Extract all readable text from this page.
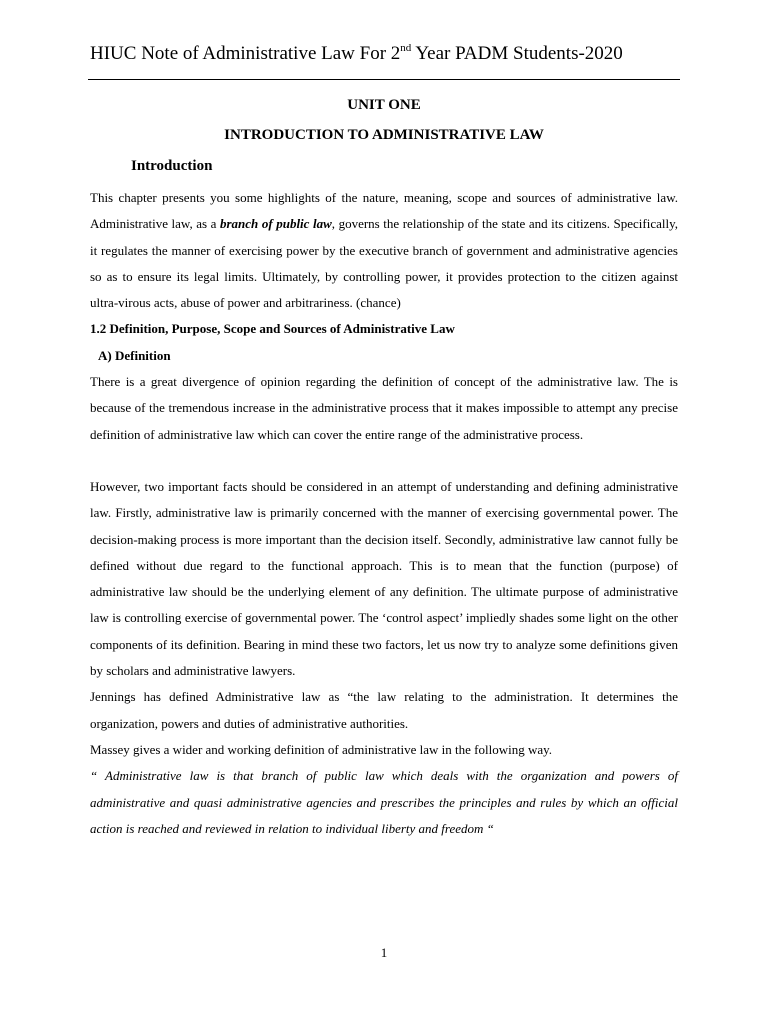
HIUC Note of Administrative Law For 2nd Year PADM Students-2020
UNIT ONE
INTRODUCTION TO ADMINISTRATIVE LAW
Introduction

This chapter presents you some highlights of the nature, meaning, scope and sources of administrative law. Administrative law, as a branch of public law, governs the relationship of the state and its citizens. Specifically, it regulates the manner of exercising power by the executive branch of government and administrative agencies so as to ensure its legal limits. Ultimately, by controlling power, it provides protection to the citizen against ultra-virous acts, abuse of power and arbitrariness. (chance)

1.2 Definition, Purpose, Scope and Sources of Administrative Law

A) Definition

There is a great divergence of opinion regarding the definition of concept of the administrative law. The is because of the tremendous increase in the administrative process that it makes impossible to attempt any precise definition of administrative law which can cover the entire range of the administrative process.

However, two important facts should be considered in an attempt of understanding and defining administrative law. Firstly, administrative law is primarily concerned with the manner of exercising governmental power. The decision-making process is more important than the decision itself. Secondly, administrative law cannot fully be defined without due regard to the functional approach. This is to mean that the function (purpose) of administrative law should be the underlying element of any definition. The ultimate purpose of administrative law is controlling exercise of governmental power. The ‘control aspect’ impliedly shades some light on the other components of its definition. Bearing in mind these two factors, let us now try to analyze some definitions given by scholars and administrative lawyers.

Jennings has defined Administrative law as “the law relating to the administration. It determines the organization, powers and duties of administrative authorities.

Massey gives a wider and working definition of administrative law in the following way.

“ Administrative law is that branch of public law which deals with the organization and powers of administrative and quasi administrative agencies and prescribes the principles and rules by which an official action is reached and reviewed in relation to individual liberty and freedom “

1
